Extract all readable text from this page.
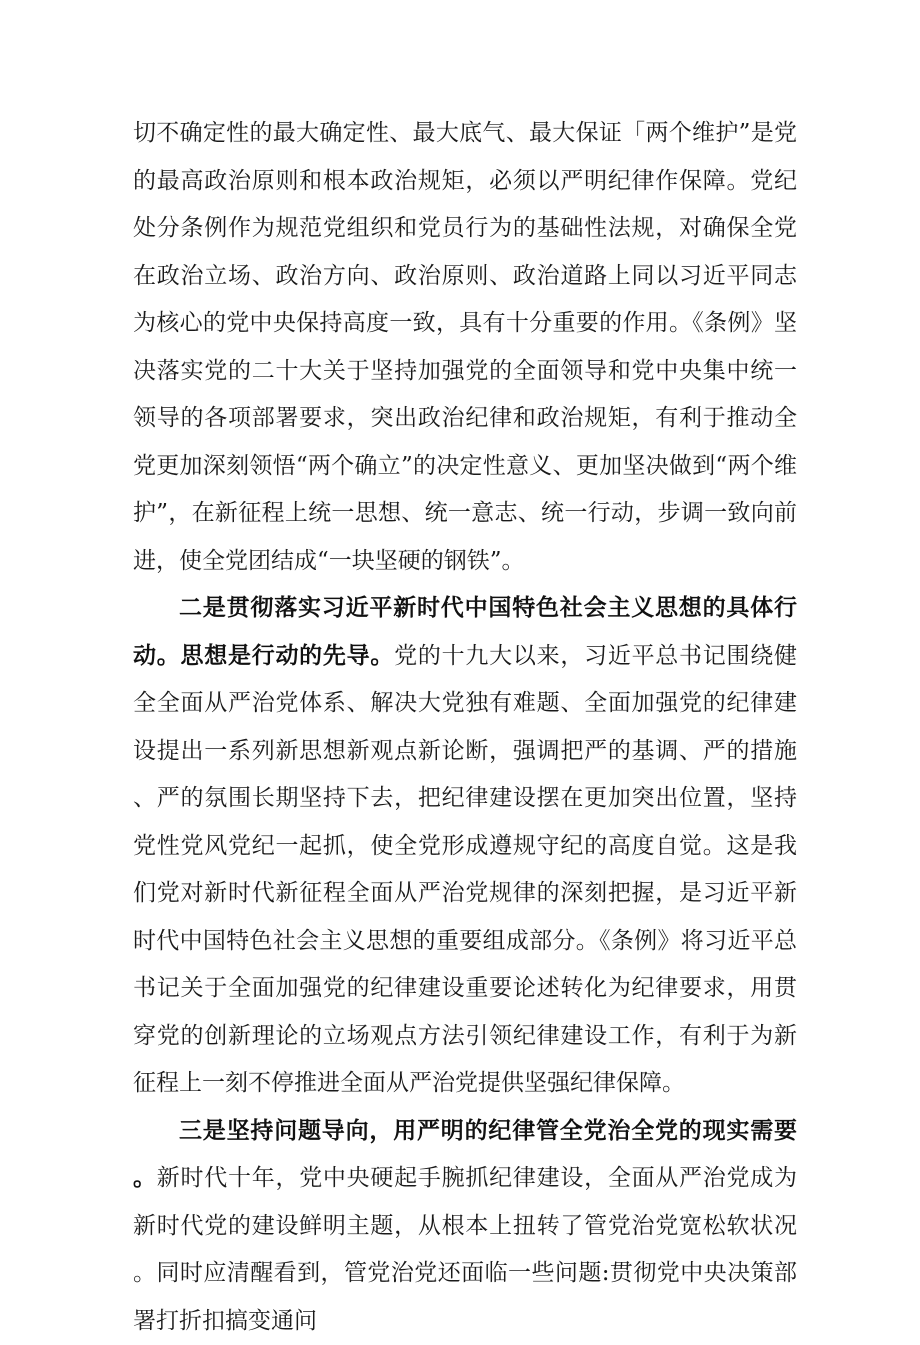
切不确定性的最大确定性、最大底气、最大保证「两个维护”是党的最高政治原则和根本政治规矩，必须以严明纪律作保障。党纪处分条例作为规范党组织和党员行为的基础性法规，对确保全党在政治立场、政治方向、政治原则、政治道路上同以习近平同志为核心的党中央保持高度一致，具有十分重要的作用。《条例》坚决落实党的二十大关于坚持加强党的全面领导和党中央集中统一领导的各项部署要求，突出政治纪律和政治规矩，有利于推动全党更加深刻领悟“两个确立”的决定性意义、更加坚决做到“两个维护”，在新征程上统一思想、统一意志、统一行动，步调一致向前进，使全党团结成“一块坚硬的钢铁”。

二是贯彻落实习近平新时代中国特色社会主义思想的具体行动。思想是行动的先导。党的十九大以来，习近平总书记围绕健全全面从严治党体系、解决大党独有难题、全面加强党的纪律建设提出一系列新思想新观点新论断，强调把严的基调、严的措施、严的氛围长期坚持下去，把纪律建设摆在更加突出位置，坚持党性党风党纪一起抓，使全党形成遵规守纪的高度自觉。这是我们党对新时代新征程全面从严治党规律的深刻把握，是习近平新时代中国特色社会主义思想的重要组成部分。《条例》将习近平总书记关于全面加强党的纪律建设重要论述转化为纪律要求，用贯穿党的创新理论的立场观点方法引领纪律建设工作，有利于为新征程上一刻不停推进全面从严治党提供坚强纪律保障。

三是坚持问题导向，用严明的纪律管全党治全党的现实需要。新时代十年，党中央硬起手腕抓纪律建设，全面从严治党成为新时代党的建设鲜明主题，从根本上扭转了管党治党宽松软状况。同时应清醒看到，管党治党还面临一些问题:贯彻党中央决策部署打折扣搞变通问
